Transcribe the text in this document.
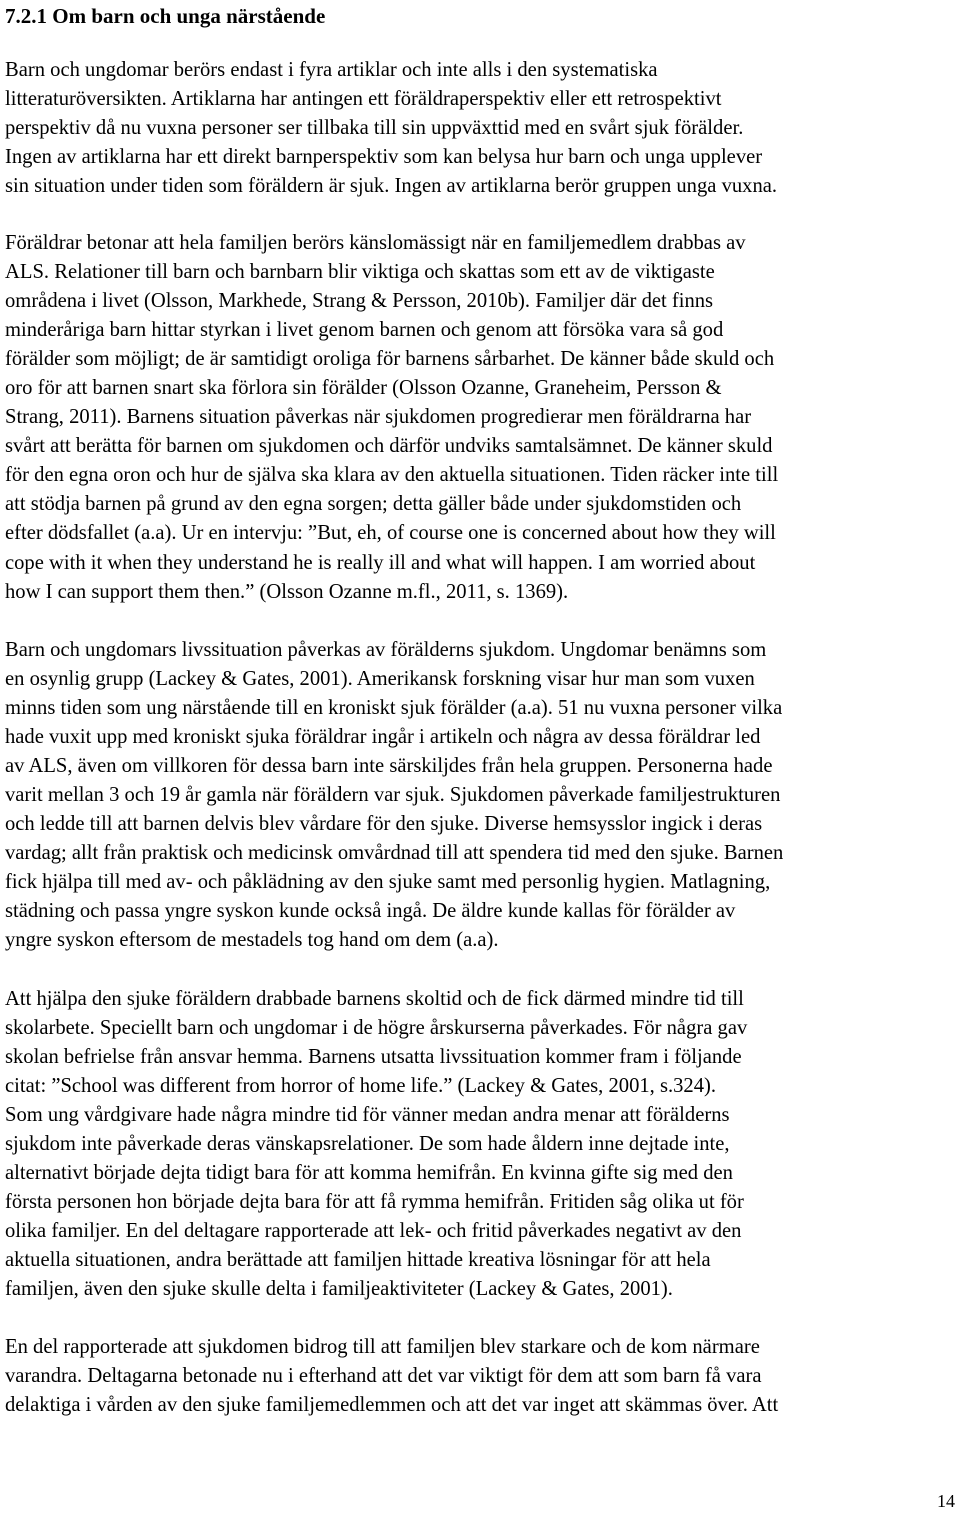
7.2.1 Om barn och unga närstående

Barn och ungdomar berörs endast i fyra artiklar och inte alls i den systematiska
litteraturöversikten. Artiklarna har antingen ett föräldraperspektiv eller ett retrospektivt
perspektiv då nu vuxna personer ser tillbaka till sin uppväxttid med en svårt sjuk förälder.
Ingen av artiklarna har ett direkt barnperspektiv som kan belysa hur barn och unga upplever
sin situation under tiden som föräldern är sjuk. Ingen av artiklarna berör gruppen unga vuxna.

Föräldrar betonar att hela familjen berörs känslomässigt när en familjemedlem drabbas av
ALS. Relationer till barn och barnbarn blir viktiga och skattas som ett av de viktigaste
områdena i livet (Olsson, Markhede, Strang & Persson, 2010b). Familjer där det finns
minderåriga barn hittar styrkan i livet genom barnen och genom att försöka vara så god
förälder som möjligt; de är samtidigt oroliga för barnens sårbarhet. De känner både skuld och
oro för att barnen snart ska förlora sin förälder (Olsson Ozanne, Graneheim, Persson &
Strang, 2011). Barnens situation påverkas när sjukdomen progredierar men föräldrarna har
svårt att berätta för barnen om sjukdomen och därför undviks samtalsämnet. De känner skuld
för den egna oron och hur de själva ska klara av den aktuella situationen. Tiden räcker inte till
att stödja barnen på grund av den egna sorgen; detta gäller både under sjukdomstiden och
efter dödsfallet (a.a). Ur en intervju: ”But, eh, of course one is concerned about how they will
cope with it when they understand he is really ill and what will happen. I am worried about
how I can support them then.” (Olsson Ozanne m.fl., 2011, s. 1369).

Barn och ungdomars livssituation påverkas av förälderns sjukdom. Ungdomar benämns som
en osynlig grupp (Lackey & Gates, 2001). Amerikansk forskning visar hur man som vuxen
minns tiden som ung närstående till en kroniskt sjuk förälder (a.a). 51 nu vuxna personer vilka
hade vuxit upp med kroniskt sjuka föräldrar ingår i artikeln och några av dessa föräldrar led
av ALS, även om villkoren för dessa barn inte särskiljdes från hela gruppen. Personerna hade
varit mellan 3 och 19 år gamla när föräldern var sjuk. Sjukdomen påverkade familjestrukturen
och ledde till att barnen delvis blev vårdare för den sjuke. Diverse hemsysslor ingick i deras
vardag; allt från praktisk och medicinsk omvårdnad till att spendera tid med den sjuke. Barnen
fick hjälpa till med av- och påklädning av den sjuke samt med personlig hygien. Matlagning,
städning och passa yngre syskon kunde också ingå. De äldre kunde kallas för förälder av
yngre syskon eftersom de mestadels tog hand om dem (a.a).

Att hjälpa den sjuke föräldern drabbade barnens skoltid och de fick därmed mindre tid till
skolarbete. Speciellt barn och ungdomar i de högre årskurserna påverkades. För några gav
skolan befrielse från ansvar hemma. Barnens utsatta livssituation kommer fram i följande
citat: ”School was different from horror of home life.” (Lackey & Gates, 2001, s.324).
Som ung vårdgivare hade några mindre tid för vänner medan andra menar att förälderns
sjukdom inte påverkade deras vänskapsrelationer. De som hade åldern inne dejtade inte,
alternativt började dejta tidigt bara för att komma hemifrån. En kvinna gifte sig med den
första personen hon började dejta bara för att få rymma hemifrån. Fritiden såg olika ut för
olika familjer. En del deltagare rapporterade att lek- och fritid påverkades negativt av den
aktuella situationen, andra berättade att familjen hittade kreativa lösningar för att hela
familjen, även den sjuke skulle delta i familjeaktiviteter (Lackey & Gates, 2001).

En del rapporterade att sjukdomen bidrog till att familjen blev starkare och de kom närmare
varandra. Deltagarna betonade nu i efterhand att det var viktigt för dem att som barn få vara
delaktiga i vården av den sjuke familjemedlemmen och att det var inget att skämmas över. Att

14
